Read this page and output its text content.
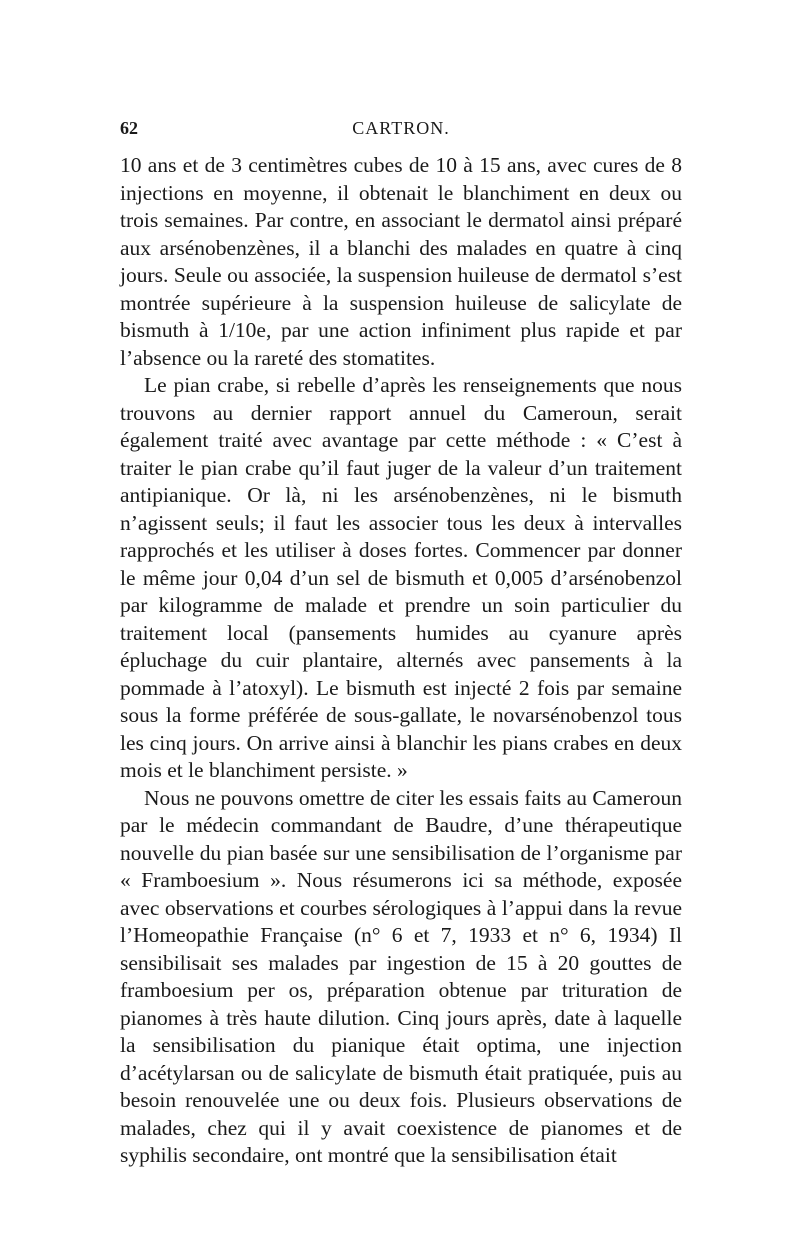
62	CARTRON.

10 ans et de 3 centimètres cubes de 10 à 15 ans, avec cures de 8 injections en moyenne, il obtenait le blanchiment en deux ou trois semaines. Par contre, en associant le dermatol ainsi préparé aux arsénobenzènes, il a blanchi des malades en quatre à cinq jours. Seule ou associée, la suspension huileuse de dermatol s’est montrée supérieure à la suspension huileuse de salicylate de bismuth à 1/10e, par une action infiniment plus rapide et par l’absence ou la rareté des stomatites.

Le pian crabe, si rebelle d’après les renseignements que nous trouvons au dernier rapport annuel du Cameroun, serait également traité avec avantage par cette méthode : « C’est à traiter le pian crabe qu’il faut juger de la valeur d’un traitement antipianique. Or là, ni les arsénobenzènes, ni le bismuth n’agissent seuls; il faut les associer tous les deux à intervalles rapprochés et les utiliser à doses fortes. Commencer par donner le même jour 0,04 d’un sel de bismuth et 0,005 d’arsénobenzol par kilogramme de malade et prendre un soin particulier du traitement local (pansements humides au cyanure après épluchage du cuir plantaire, alternés avec pansements à la pommade à l’atoxyl). Le bismuth est injecté 2 fois par semaine sous la forme préférée de sous-gallate, le novarsénobenzol tous les cinq jours. On arrive ainsi à blanchir les pians crabes en deux mois et le blanchiment persiste. »

Nous ne pouvons omettre de citer les essais faits au Cameroun par le médecin commandant de Baudre, d’une thérapeutique nouvelle du pian basée sur une sensibilisation de l’organisme par « Framboesium ». Nous résumerons ici sa méthode, exposée avec observations et courbes sérologiques à l’appui dans la revue l’Homeopathie Française (n° 6 et 7, 1933 et n° 6, 1934) Il sensibilisait ses malades par ingestion de 15 à 20 gouttes de framboesium per os, préparation obtenue par trituration de pianomes à très haute dilution. Cinq jours après, date à laquelle la sensibilisation du pianique était optima, une injection d’acétylarsan ou de salicylate de bismuth était pratiquée, puis au besoin renouvelée une ou deux fois. Plusieurs observations de malades, chez qui il y avait coexistence de pianomes et de syphilis secondaire, ont montré que la sensibilisation était
